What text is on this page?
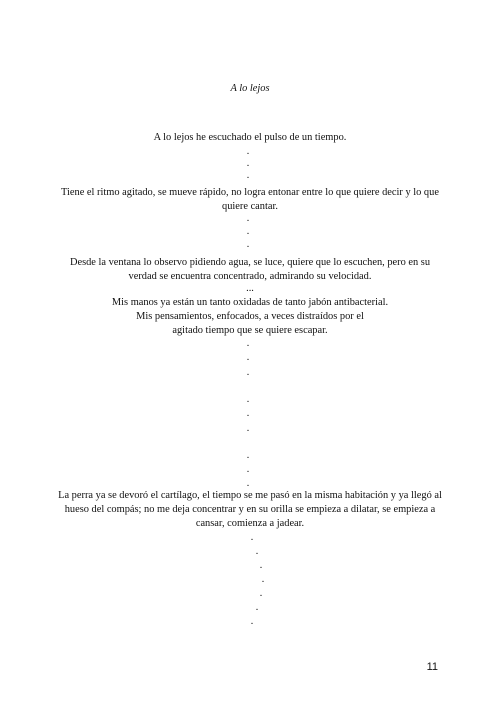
A lo lejos
A lo lejos he escuchado el pulso de un tiempo.
.
.
.
Tiene el ritmo agitado, se mueve rápido, no logra entonar entre lo que quiere decir y lo que
quiere cantar.
.
.
.
Desde la ventana lo observo pidiendo agua, se luce, quiere que lo escuchen, pero en su
verdad se encuentra concentrado, admirando su velocidad.
...
Mis manos ya están un tanto oxidadas de tanto jabón antibacterial.
Mis pensamientos, enfocados, a veces distraídos por el
agitado tiempo que se quiere escapar.
.
.
.
.
.
.
.
.
.
La perra ya se devoró el cartílago, el tiempo se me pasó en la misma habitación y ya llegó al
hueso del compás; no me deja concentrar y en su orilla se empieza a dilatar, se empieza a
cansar, comienza a jadear.
.
.
.
.
.
.
.
11
